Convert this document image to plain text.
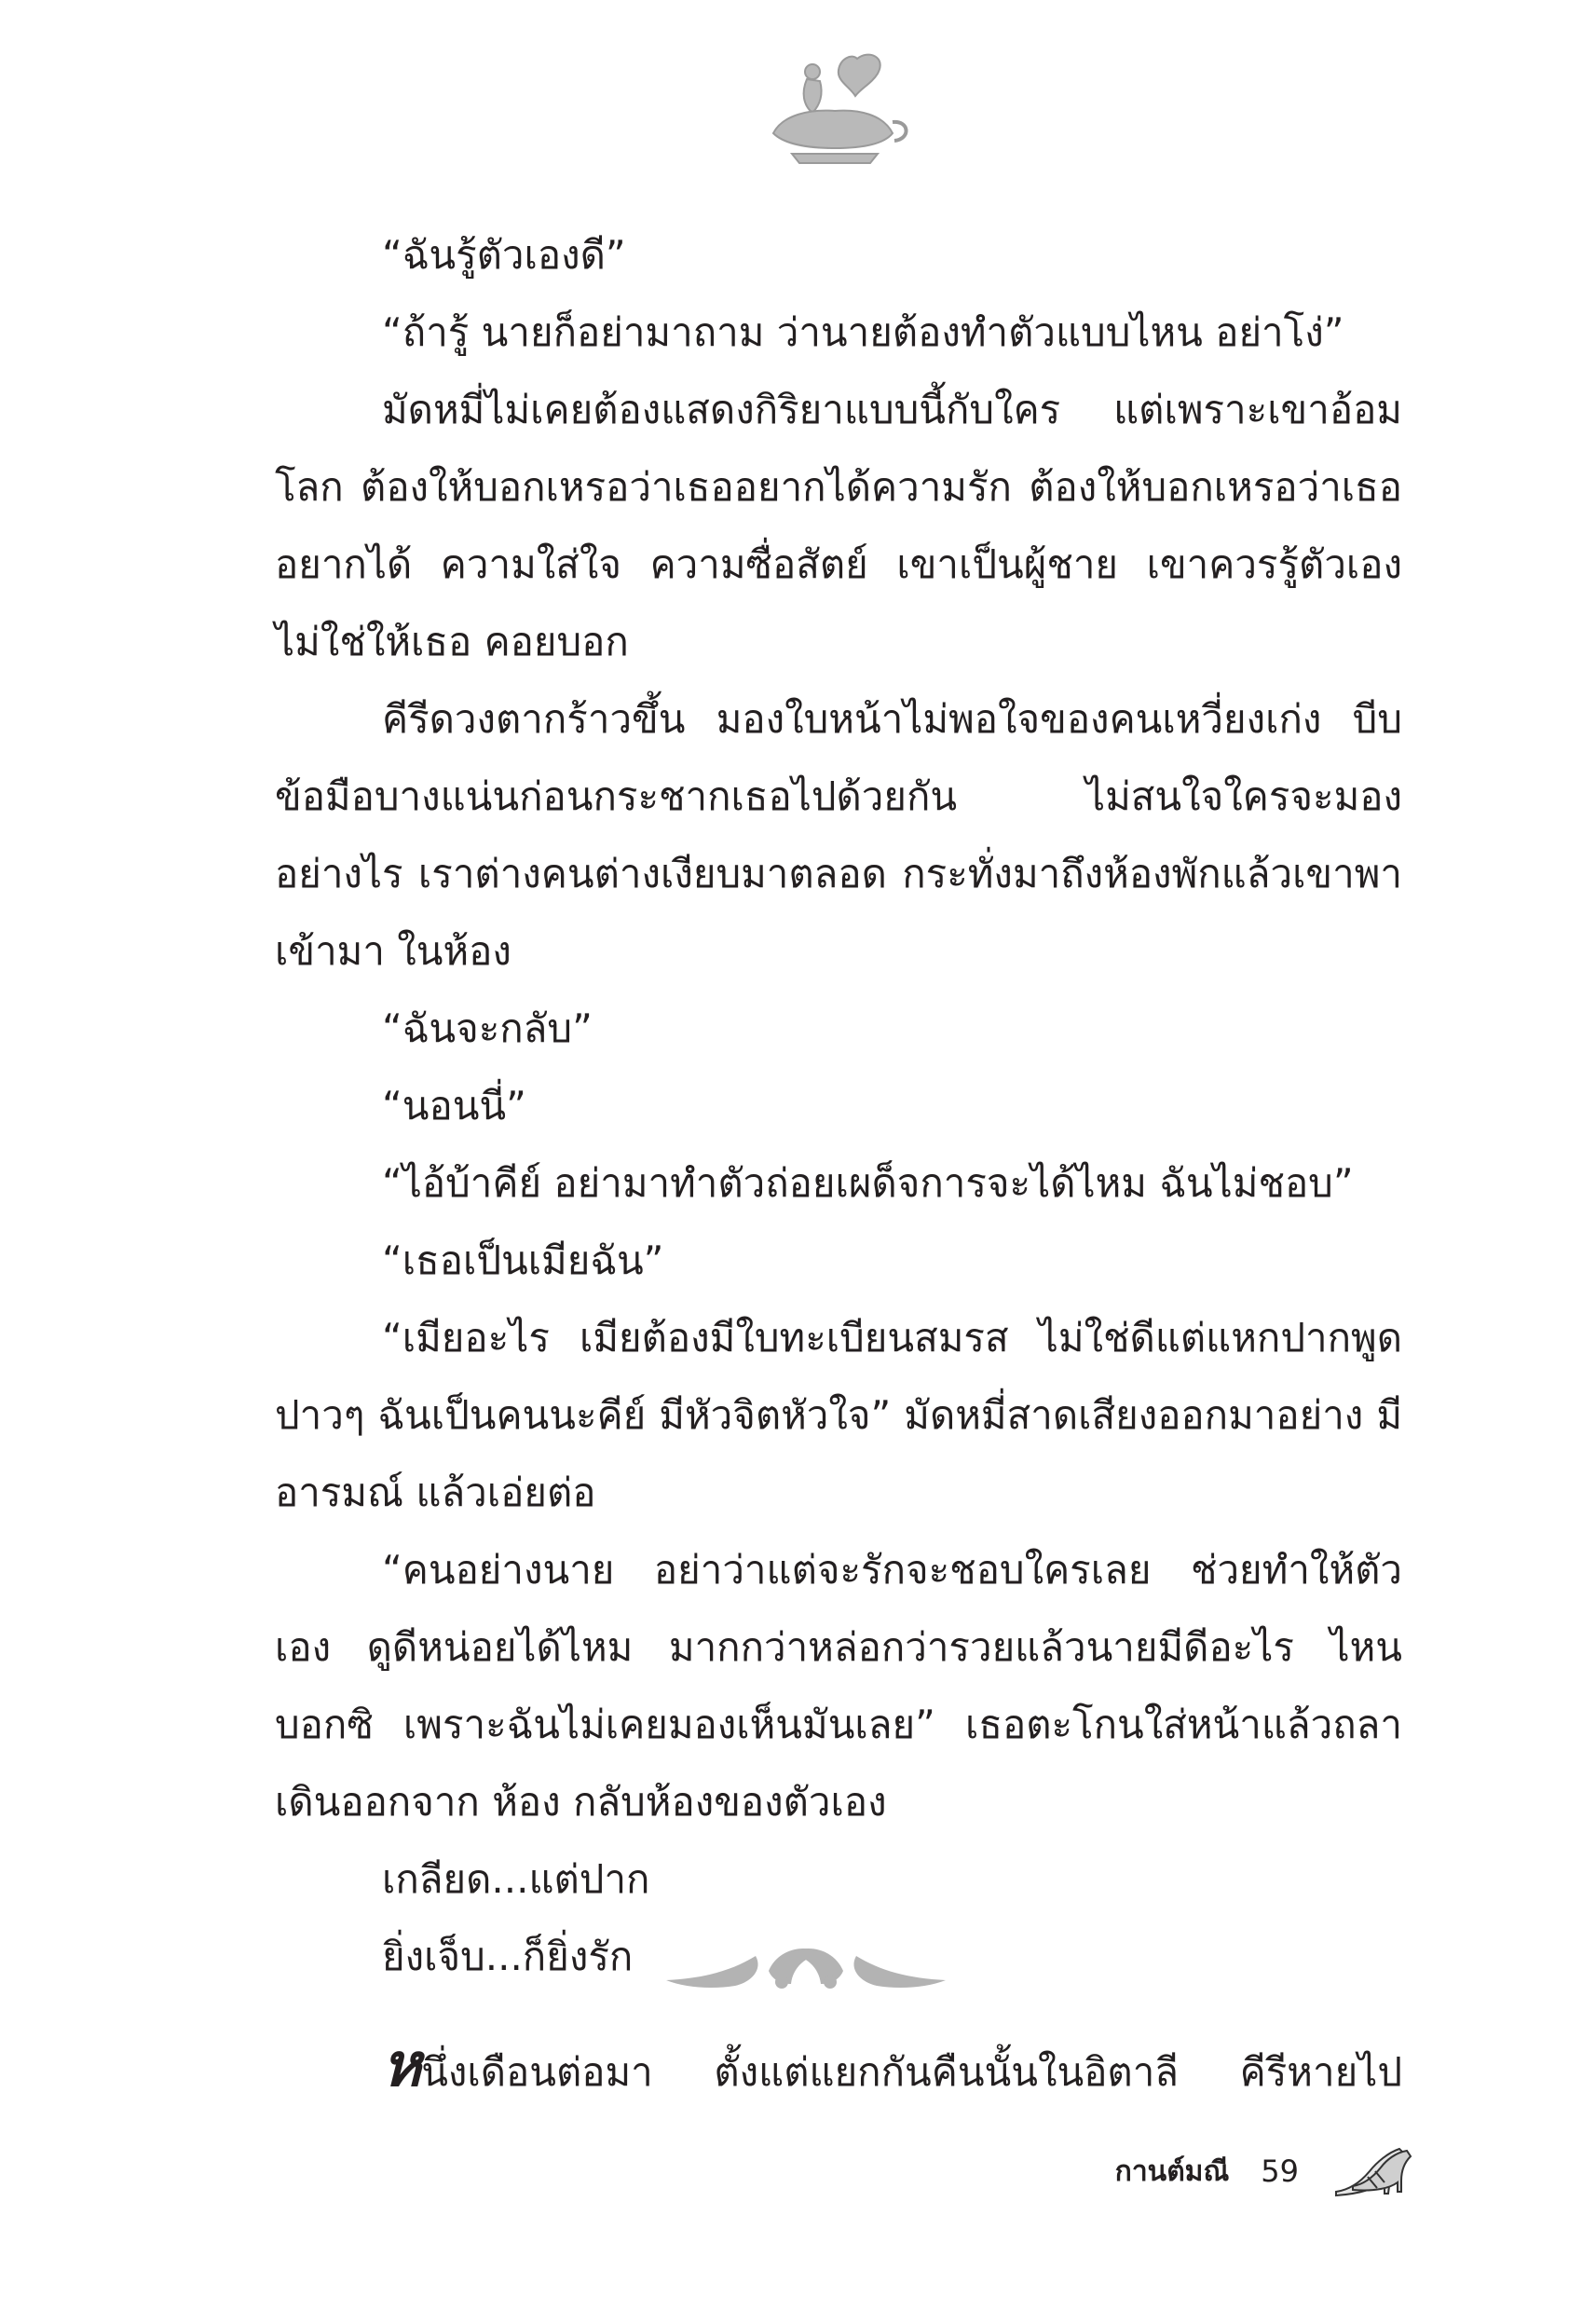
“ฉันรู้ตัวเองดี”

“ถ้ารู้ นายก็อย่ามาถาม ว่านายต้องทำตัวแบบไหน อย่าโง่”

มัดหมี่ไม่เคยต้องแสดงกิริยาแบบนี้กับใคร แต่เพราะเขาอ้อมโลก ต้องให้บอกเหรอว่าเธออยากได้ความรัก ต้องให้บอกเหรอว่าเธออยากได้ ความใส่ใจ ความซื่อสัตย์ เขาเป็นผู้ชาย เขาควรรู้ตัวเองไม่ใช่ให้เธอ คอยบอก

คีรีดวงตากร้าวขึ้น มองใบหน้าไม่พอใจของคนเหวี่ยงเก่ง บีบข้อมือบางแน่นก่อนกระชากเธอไปด้วยกัน ไม่สนใจใครจะมองอย่างไร เราต่างคนต่างเงียบมาตลอด กระทั่งมาถึงห้องพักแล้วเขาพาเข้ามา ในห้อง

“ฉันจะกลับ”

“นอนนี่”

“ไอ้บ้าคีย์ อย่ามาทำตัวถ่อยเผด็จการจะได้ไหม ฉันไม่ชอบ”

“เธอเป็นเมียฉัน”

“เมียอะไร เมียต้องมีใบทะเบียนสมรส ไม่ใช่ดีแต่แหกปากพูด ปาวๆ ฉันเป็นคนนะคีย์ มีหัวจิตหัวใจ” มัดหมี่สาดเสียงออกมาอย่าง มีอารมณ์ แล้วเอ่ยต่อ

“คนอย่างนาย อย่าว่าแต่จะรักจะชอบใครเลย ช่วยทำให้ตัวเอง ดูดีหน่อยได้ไหม มากกว่าหล่อกว่ารวยแล้วนายมีดีอะไร ไหนบอกซิ เพราะฉันไม่เคยมองเห็นมันเลย” เธอตะโกนใส่หน้าแล้วถลาเดินออกจาก ห้อง กลับห้องของตัวเอง

เกลียด...แต่ปาก

ยิ่งเจ็บ...ก็ยิ่งรัก

หนึ่งเดือนต่อมา ตั้งแต่แยกกันคืนนั้นในอิตาลี คีรีหายไป
กานต์มณี 59
